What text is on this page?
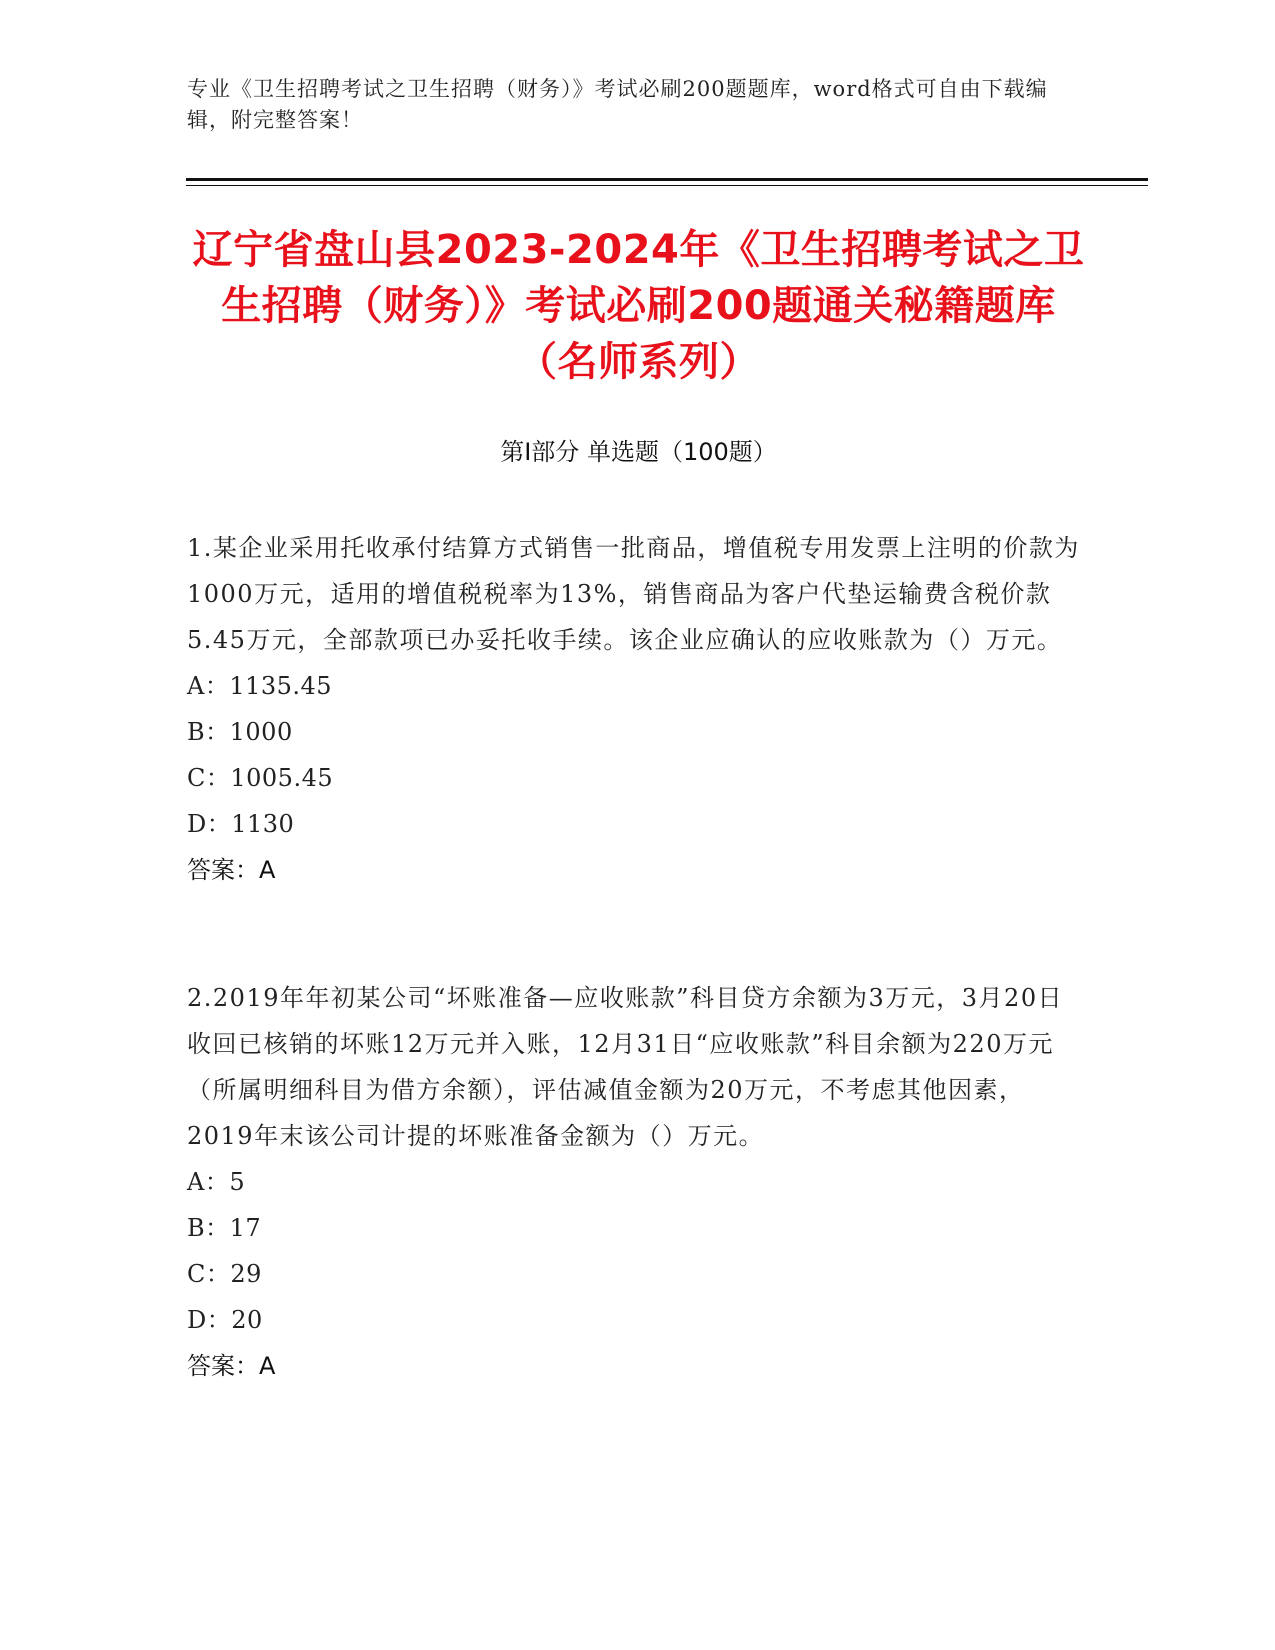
专业《卫生招聘考试之卫生招聘（财务）》考试必刷200题题库，word格式可自由下载编辑，附完整答案！
辽宁省盘山县2023-2024年《卫生招聘考试之卫生招聘（财务）》考试必刷200题通关秘籍题库（名师系列）
第I部分 单选题（100题）
1.某企业采用托收承付结算方式销售一批商品，增值税专用发票上注明的价款为1000万元，适用的增值税税率为13%，销售商品为客户代垫运输费含税价款5.45万元，全部款项已办妥托收手续。该企业应确认的应收账款为（）万元。
A：1135.45
B：1000
C：1005.45
D：1130
答案：A
2.2019年年初某公司“坏账准备—应收账款”科目贷方余额为3万元，3月20日收回已核销的坏账12万元并入账，12月31日“应收账款”科目余额为220万元（所属明细科目为借方余额），评估减值金额为20万元，不考虑其他因素，2019年末该公司计提的坏账准备金额为（）万元。
A：5
B：17
C：29
D：20
答案：A
